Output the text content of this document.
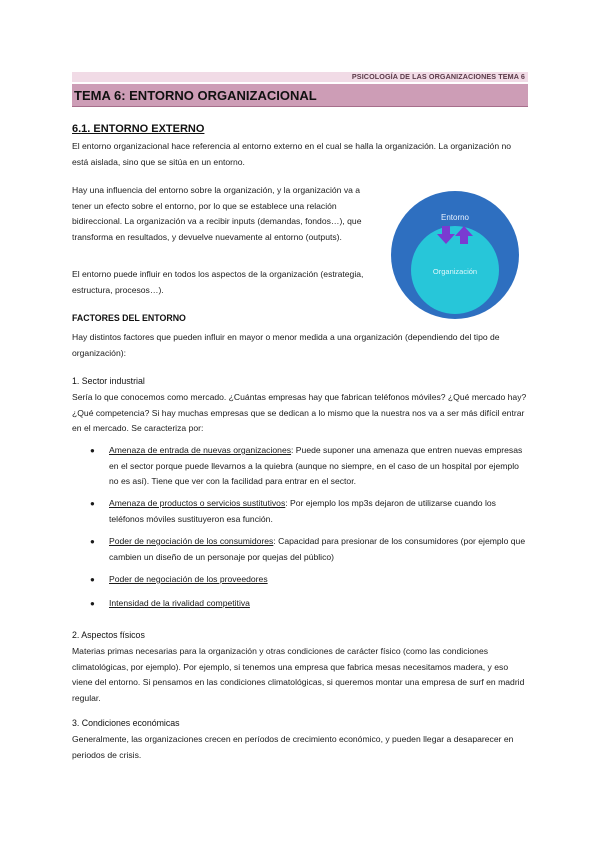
PSICOLOGÍA DE LAS ORGANIZACIONES TEMA 6
TEMA 6: ENTORNO ORGANIZACIONAL
6.1. ENTORNO EXTERNO

El entorno organizacional hace referencia al entorno externo en el cual se halla la organización. La organización no está aislada, sino que se sitúa en un entorno.

Hay una influencia del entorno sobre la organización, y la organización va a tener un efecto sobre el entorno, por lo que se establece una relación bidireccional. La organización va a recibir inputs (demandas, fondos…), que transforma en resultados, y devuelve nuevamente al entorno (outputs).

El entorno puede influir en todos los aspectos de la organización (estrategia, estructura, procesos…).

Entorno
Organización
FACTORES DEL ENTORNO

Hay distintos factores que pueden influir en mayor o menor medida a una organización (dependiendo del tipo de organización):

1. Sector industrial

Sería lo que conocemos como mercado. ¿Cuántas empresas hay que fabrican teléfonos móviles? ¿Qué mercado hay? ¿Qué competencia? Si hay muchas empresas que se dedican a lo mismo que la nuestra nos va a ser más difícil entrar en el mercado. Se caracteriza por:

● Amenaza de entrada de nuevas organizaciones: Puede suponer una amenaza que entren nuevas empresas en el sector porque puede llevarnos a la quiebra (aunque no siempre, en el caso de un hospital por ejemplo no es así). Tiene que ver con la facilidad para entrar en el sector.
● Amenaza de productos o servicios sustitutivos: Por ejemplo los mp3s dejaron de utilizarse cuando los teléfonos móviles sustituyeron esa función.
● Poder de negociación de los consumidores: Capacidad para presionar de los consumidores (por ejemplo que cambien un diseño de un personaje por quejas del público)
● Poder de negociación de los proveedores
● Intensidad de la rivalidad competitiva
2. Aspectos físicos

Materias primas necesarias para la organización y otras condiciones de carácter físico (como las condiciones climatológicas, por ejemplo). Por ejemplo, si tenemos una empresa que fabrica mesas necesitamos madera, y eso viene del entorno. Si pensamos en las condiciones climatológicas, si queremos montar una empresa de surf en madrid regular.

3. Condiciones económicas

Generalmente, las organizaciones crecen en períodos de crecimiento económico, y pueden llegar a desaparecer en periodos de crisis.
